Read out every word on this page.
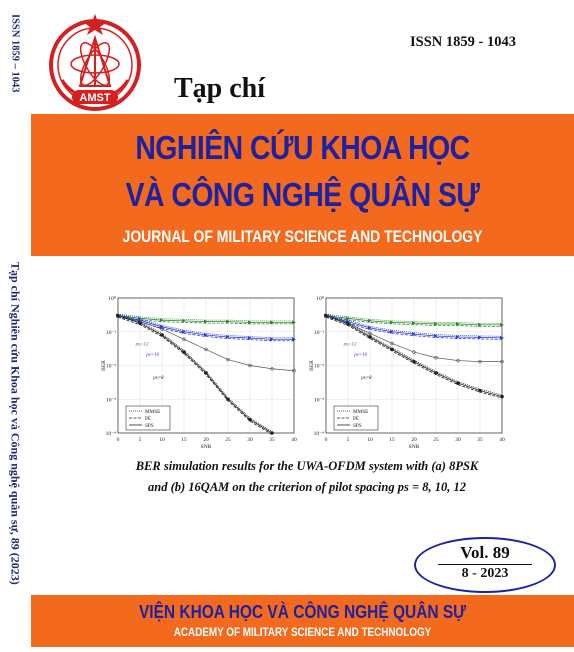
ISSN 1859 – 1043
AMST
ISSN 1859 - 1043
Tạp chí
NGHIÊN CỨU KHOA HỌC
VÀ CÔNG NGHỆ QUÂN SỰ
JOURNAL OF MILITARY SCIENCE AND TECHNOLOGY
Tạp chí Nghiên cứu Khoa học và Công nghệ quân sự, 89 (2023)	0	5	10	15	20	25	30	35	40
10⁰
10⁻¹
10⁻²
10⁻³
10⁻⁴
SNR
BER
ps=12
ps=10
ps=8
MMSE
PE
SPS
0	5	10	15	20	25	30	35	40
10⁰
10⁻¹
10⁻²
10⁻³
10⁻⁴
SNR
BER
ps=12
ps=10
ps=8
MMSE
PE
SPS
BER simulation results for the UWA-OFDM system with (a) 8PSK
and (b) 16QAM on the criterion of pilot spacing ps = 8, 10, 12
Vol. 89
8 - 2023
VIỆN KHOA HỌC VÀ CÔNG NGHỆ QUÂN SỰ
ACADEMY OF MILITARY SCIENCE AND TECHNOLOGY
